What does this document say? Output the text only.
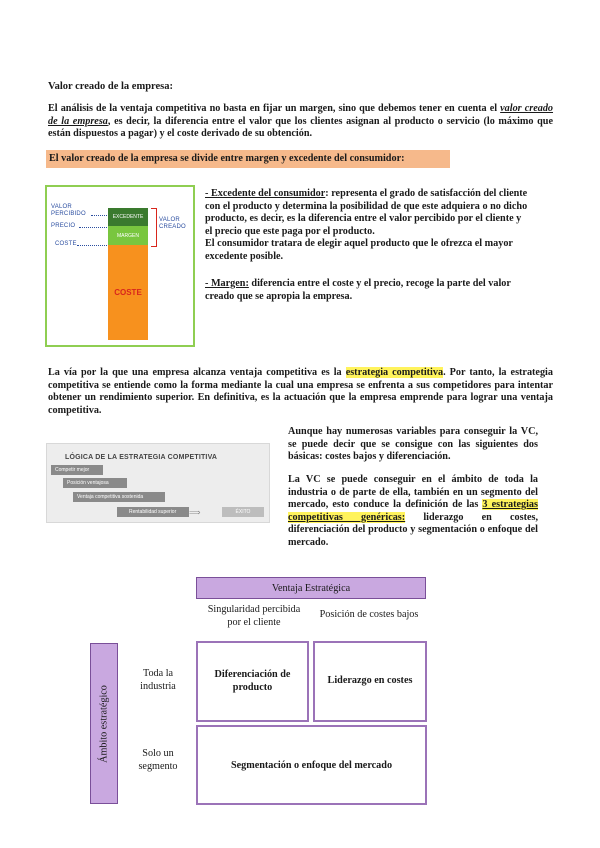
Valor creado de la empresa:
El análisis de la ventaja competitiva no basta en fijar un margen, sino que debemos tener en cuenta el valor creado de la empresa, es decir, la diferencia entre el valor que los clientes asignan al producto o servicio (lo máximo que están dispuestos a pagar) y el coste derivado de su obtención.
El valor creado de la empresa se divide entre margen y excedente del consumidor:
VALOR
PERCIBIDO
PRECIO
COSTE
EXCEDENTE
MARGEN
COSTE
VALOR
CREADO
- Excedente del consumidor: representa el grado de satisfacción del cliente con el producto y determina la posibilidad de que este adquiera o no dicho producto, es decir, es la diferencia entre el valor percibido por el cliente y el precio que este paga por el producto.
El consumidor tratara de elegir aquel producto que le ofrezca el mayor excedente posible.
- Margen: diferencia entre el coste y el precio, recoge la parte del valor creado que se apropia la empresa.
La vía por la que una empresa alcanza ventaja competitiva es la estrategia competitiva. Por tanto, la estrategia competitiva se entiende como la forma mediante la cual una empresa se enfrenta a sus competidores para intentar obtener un rendimiento superior. En definitiva, es la actuación que la empresa emprende para lograr una ventaja competitiva.
LÓGICA DE LA ESTRATEGIA COMPETITIVA
Competir mejor
Posición ventajosa
Ventaja competitiva sostenida
Rentabilidad superior	⟹	ÉXITO
Aunque hay numerosas variables para conseguir la VC, se puede decir que se consigue con las siguientes dos básicas: costes bajos y diferenciación.
La VC se puede conseguir en el ámbito de toda la industria o de parte de ella, también en un segmento del mercado, esto conduce la definición de las 3 estrategias competitivas genéricas: liderazgo en costes, diferenciación del producto y segmentación o enfoque del mercado.
Ventaja Estratégica
Singularidad percibida por el cliente
Posición de costes bajos
Ámbito estratégico
Toda la industria
Solo un segmento
Diferenciación de producto
Liderazgo en costes
Segmentación o enfoque del mercado
